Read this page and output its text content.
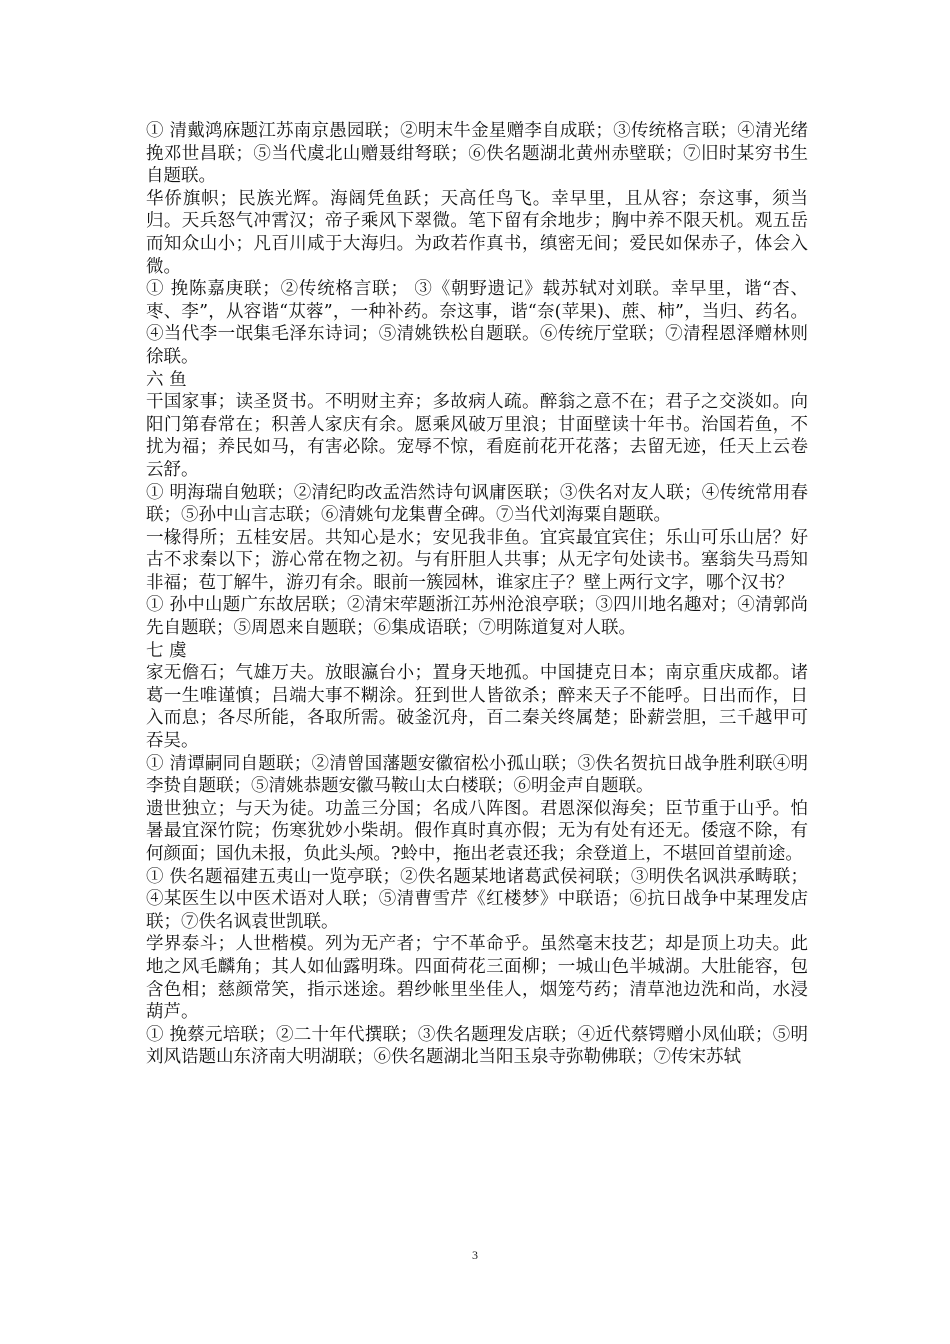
① 清戴鸿庥题江苏南京愚园联；②明末牛金星赠李自成联；③传统格言联；④清光绪挽邓世昌联；⑤当代虞北山赠聂绀弩联；⑥佚名题湖北黄州赤壁联；⑦旧时某穷书生自题联。

华侨旗帜；民族光辉。海阔凭鱼跃；天高任鸟飞。幸早里，且从容；奈这事，须当归。天兵怒气冲霄汉；帝子乘风下翠微。笔下留有余地步；胸中养不限天机。观五岳而知众山小；凡百川咸于大海归。为政若作真书，缜密无间；爱民如保赤子，体会入微。

① 挽陈嘉庚联；②传统格言联； ③《朝野遗记》载苏轼对刘联。幸早里，谐“杏、枣、李”，从容谐“苁蓉”，一种补药。奈这事，谐“奈(苹果)、蔗、柿”，当归、药名。④当代李一氓集毛泽东诗词；⑤清姚铁松自题联。⑥传统厅堂联；⑦清程恩泽赠林则徐联。

六 鱼

干国家事；读圣贤书。不明财主弃；多故病人疏。醉翁之意不在；君子之交淡如。向阳门第春常在；积善人家庆有余。愿乘风破万里浪；甘面壁读十年书。治国若鱼，不扰为福；养民如马，有害必除。宠辱不惊，看庭前花开花落；去留无迹，任天上云卷云舒。

① 明海瑞自勉联；②清纪昀改孟浩然诗句讽庸医联；③佚名对友人联；④传统常用春联；⑤孙中山言志联；⑥清姚句龙集曹全碑。⑦当代刘海粟自题联。

一椽得所；五桂安居。共知心是水；安见我非鱼。宜宾最宜宾住；乐山可乐山居？好古不求秦以下；游心常在物之初。与有肝胆人共事；从无字句处读书。塞翁失马焉知非福；苞丁解牛，游刃有余。眼前一簇园林，谁家庄子？壁上两行文字，哪个汉书？

① 孙中山题广东故居联；②清宋荦题浙江苏州沧浪亭联；③四川地名趣对；④清郭尚先自题联；⑤周恩来自题联；⑥集成语联；⑦明陈道复对人联。

七 虞

家无儋石；气雄万夫。放眼瀛台小；置身天地孤。中国捷克日本；南京重庆成都。诸葛一生唯谨慎；吕端大事不糊涂。狂到世人皆欲杀；醉来天子不能呼。日出而作，日入而息；各尽所能，各取所需。破釜沉舟，百二秦关终属楚；卧薪尝胆，三千越甲可吞吴。

① 清谭嗣同自题联；②清曾国藩题安徽宿松小孤山联；③佚名贺抗日战争胜利联④明李贽自题联；⑤清姚恭题安徽马鞍山太白楼联；⑥明金声自题联。

遗世独立；与天为徒。功盖三分国；名成八阵图。君恩深似海矣；臣节重于山乎。怕暑最宜深竹院；伤寒犹妙小柴胡。假作真时真亦假；无为有处有还无。倭寇不除，有何颜面；国仇未报，负此头颅。?蛉中，拖出老袁还我；余登道上，不堪回首望前途。

① 佚名题福建五夷山一览亭联；②佚名题某地诸葛武侯祠联；③明佚名讽洪承畴联；④某医生以中医术语对人联；⑤清曹雪芹《红楼梦》中联语；⑥抗日战争中某理发店联；⑦佚名讽袁世凯联。

学界泰斗；人世楷模。列为无产者；宁不革命乎。虽然毫末技艺；却是顶上功夫。此地之风毛麟角；其人如仙露明珠。四面荷花三面柳；一城山色半城湖。大肚能容，包含色相；慈颜常笑，指示迷途。碧纱帐里坐佳人，烟笼芍药；清草池边洗和尚，水浸葫芦。

① 挽蔡元培联；②二十年代撰联；③佚名题理发店联；④近代蔡锷赠小凤仙联；⑤明刘风诰题山东济南大明湖联；⑥佚名题湖北当阳玉泉寺弥勒佛联；⑦传宋苏轼

3
